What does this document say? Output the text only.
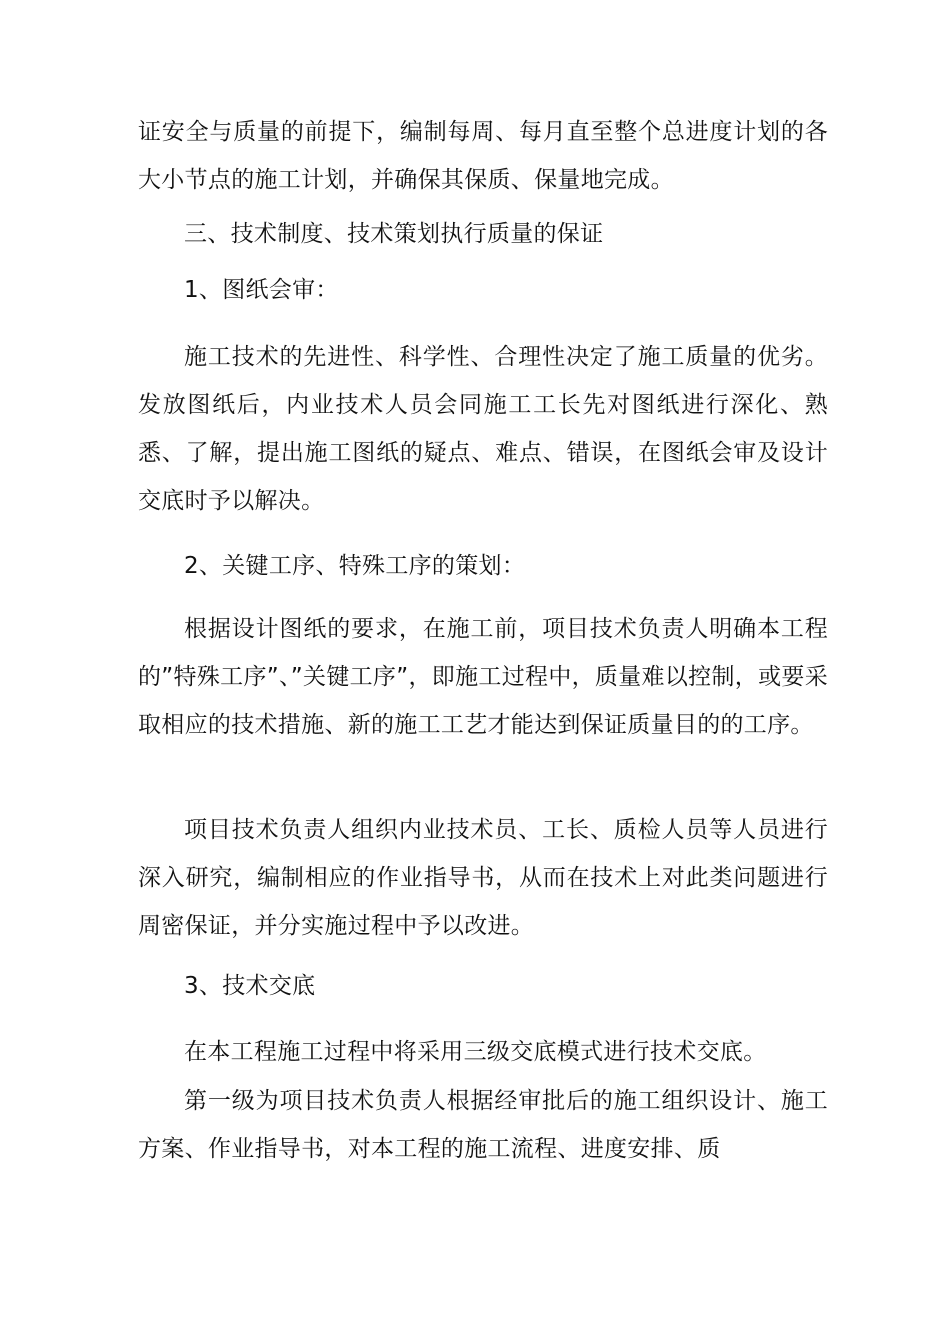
证安全与质量的前提下，编制每周、每月直至整个总进度计划的各大小节点的施工计划，并确保其保质、保量地完成。

三、技术制度、技术策划执行质量的保证

1、图纸会审：

施工技术的先进性、科学性、合理性决定了施工质量的优劣。发放图纸后，内业技术人员会同施工工长先对图纸进行深化、熟悉、了解，提出施工图纸的疑点、难点、错误，在图纸会审及设计交底时予以解决。

2、关键工序、特殊工序的策划：

根据设计图纸的要求，在施工前，项目技术负责人明确本工程的”特殊工序”、”关键工序”，即施工过程中，质量难以控制，或要采取相应的技术措施、新的施工工艺才能达到保证质量目的的工序。

项目技术负责人组织内业技术员、工长、质检人员等人员进行深入研究，编制相应的作业指导书，从而在技术上对此类问题进行周密保证，并分实施过程中予以改进。

3、技术交底

在本工程施工过程中将采用三级交底模式进行技术交底。

第一级为项目技术负责人根据经审批后的施工组织设计、施工方案、作业指导书，对本工程的施工流程、进度安排、质
